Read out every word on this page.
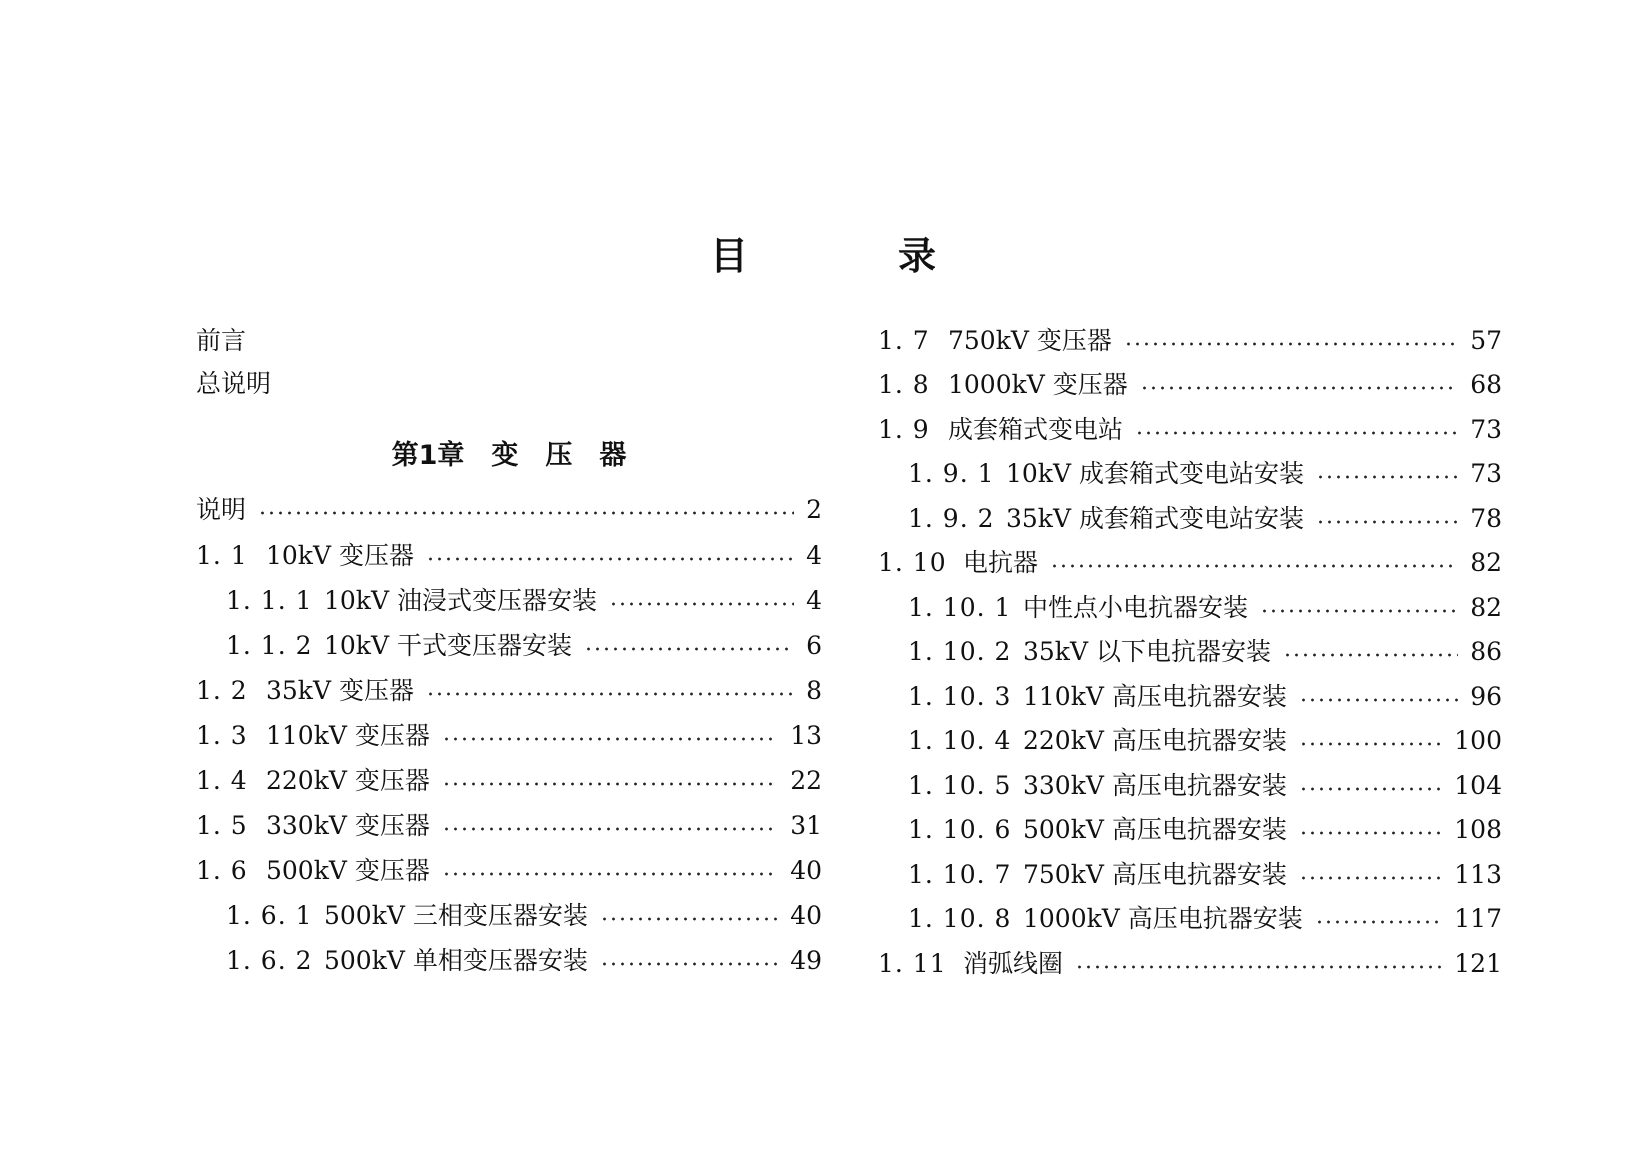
目	录
前言
总说明
第1章　变　压　器
说明	2
1. 1 10kV 变压器	4
1. 1. 1 10kV 油浸式变压器安装	4
1. 1. 2 10kV 干式变压器安装	6
1. 2 35kV 变压器	8
1. 3 110kV 变压器	13
1. 4 220kV 变压器	22
1. 5 330kV 变压器	31
1. 6 500kV 变压器	40
1. 6. 1 500kV 三相变压器安装	40
1. 6. 2 500kV 单相变压器安装	49
1. 7 750kV 变压器	57
1. 8 1000kV 变压器	68
1. 9 成套箱式变电站	73
1. 9. 1 10kV 成套箱式变电站安装	73
1. 9. 2 35kV 成套箱式变电站安装	78
1. 10 电抗器	82
1. 10. 1 中性点小电抗器安装	82
1. 10. 2 35kV 以下电抗器安装	86
1. 10. 3 110kV 高压电抗器安装	96
1. 10. 4 220kV 高压电抗器安装	100
1. 10. 5 330kV 高压电抗器安装	104
1. 10. 6 500kV 高压电抗器安装	108
1. 10. 7 750kV 高压电抗器安装	113
1. 10. 8 1000kV 高压电抗器安装	117
1. 11 消弧线圈	121
